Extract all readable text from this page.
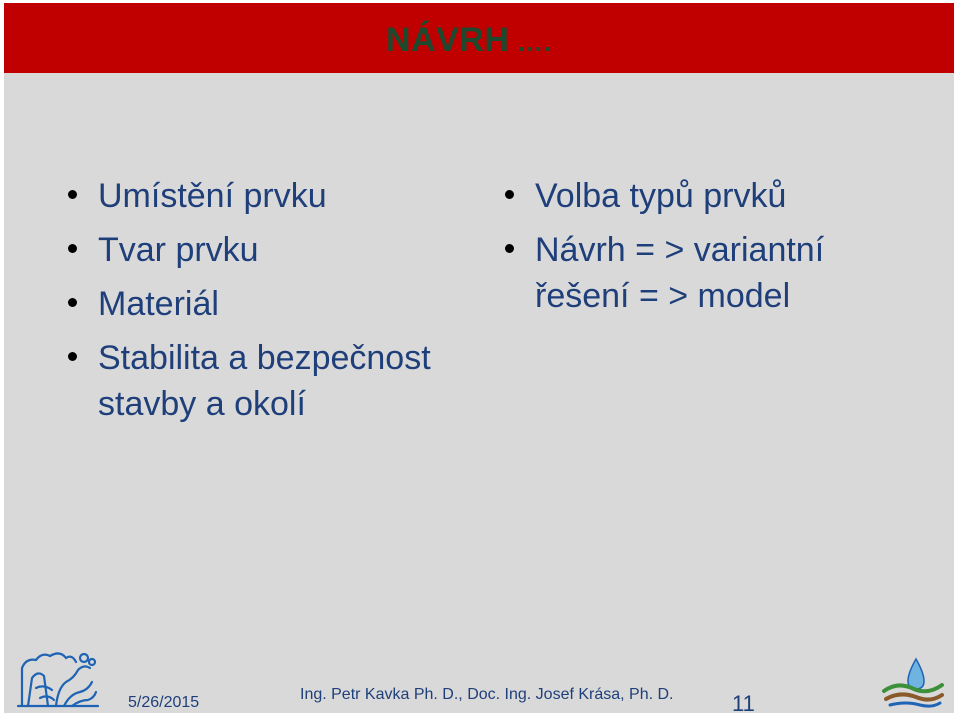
NÁVRH ….
Umístění prvku
Tvar prvku
Materiál
Stabilita a bezpečnost
stavby a okolí
Volba typů prvků
Návrh = > variantní
řešení = > model
5/26/2015	Ing. Petr Kavka Ph. D., Doc. Ing. Josef Krása, Ph. D.	11
